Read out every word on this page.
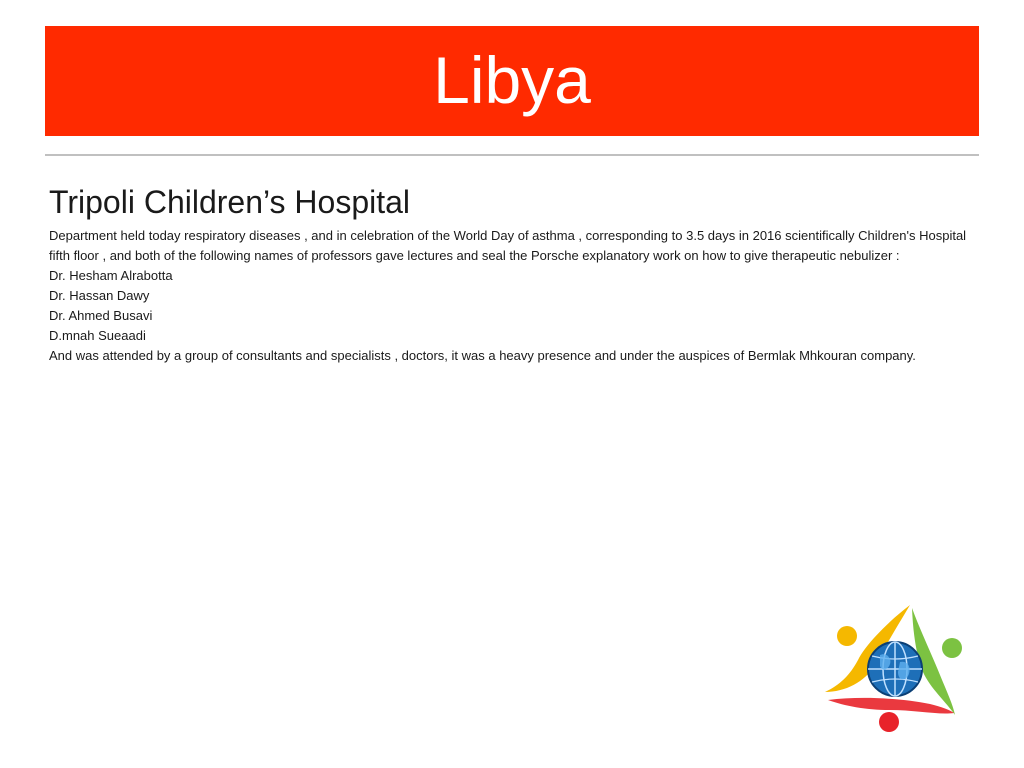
Libya
Tripoli Children’s Hospital

Department held today respiratory diseases , and in celebration of the World Day of asthma , corresponding to 3.5 days in 2016 scientifically Children's Hospital fifth floor , and both of the following names of professors gave lectures and seal the Porsche explanatory work on how to give therapeutic nebulizer :
Dr. Hesham Alrabotta
Dr. Hassan Dawy
Dr. Ahmed Busavi
D.mnah Sueaadi
And was attended by a group of consultants and specialists , doctors, it was a heavy presence and under the auspices of Bermlak Mhkouran company.
